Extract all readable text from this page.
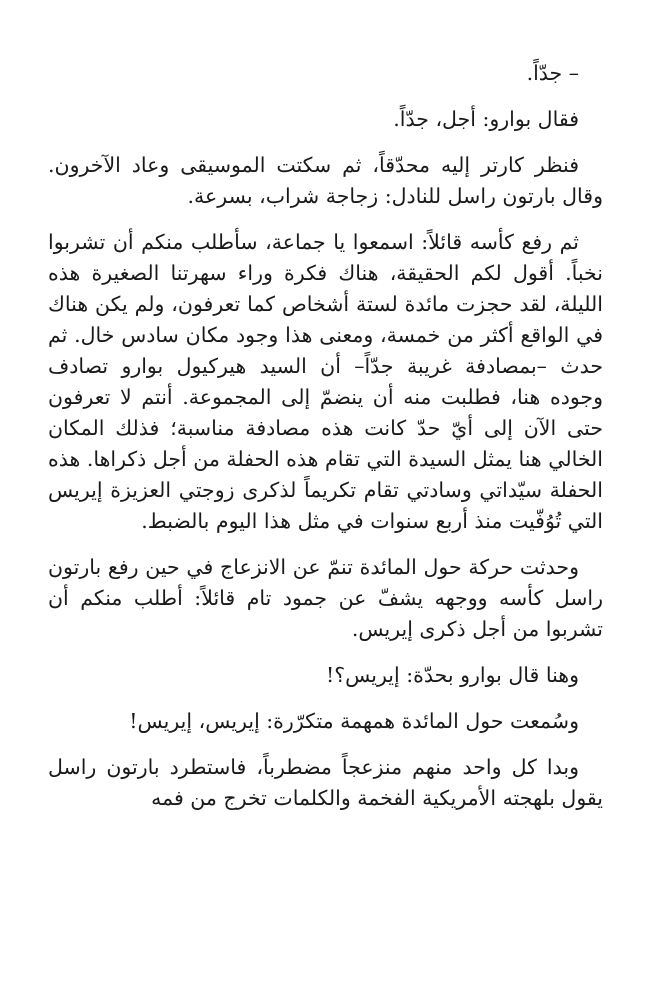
– جدّاً.

فقال بوارو: أجل، جدّاً.

فنظر كارتر إليه محدّقاً، ثم سكتت الموسيقى وعاد الآخرون. وقال بارتون راسل للنادل: زجاجة شراب، بسرعة.

ثم رفع كأسه قائلاً: اسمعوا يا جماعة، سأطلب منكم أن تشربوا نخباً. أقول لكم الحقيقة، هناك فكرة وراء سهرتنا الصغيرة هذه الليلة، لقد حجزت مائدة لستة أشخاص كما تعرفون، ولم يكن هناك في الواقع أكثر من خمسة، ومعنى هذا وجود مكان سادس خال. ثم حدث –بمصادفة غريبة جدّاً– أن السيد هيركيول بوارو تصادف وجوده هنا، فطلبت منه أن ينضمّ إلى المجموعة. أنتم لا تعرفون حتى الآن إلى أيّ حدّ كانت هذه مصادفة مناسبة؛ فذلك المكان الخالي هنا يمثل السيدة التي تقام هذه الحفلة من أجل ذكراها. هذه الحفلة سيّداتي وسادتي تقام تكريماً لذكرى زوجتي العزيزة إيريس التي تُوُفّيت منذ أربع سنوات في مثل هذا اليوم بالضبط.

وحدثت حركة حول المائدة تنمّ عن الانزعاج في حين رفع بارتون راسل كأسه ووجهه يشفّ عن جمود تام قائلاً: أطلب منكم أن تشربوا من أجل ذكرى إيريس.

وهنا قال بوارو بحدّة: إيريس؟!

وسُمعت حول المائدة همهمة متكرّرة: إيريس، إيريس!

وبدا كل واحد منهم منزعجاً مضطرباً، فاستطرد بارتون راسل يقول بلهجته الأمريكية الفخمة والكلمات تخرج من فمه
